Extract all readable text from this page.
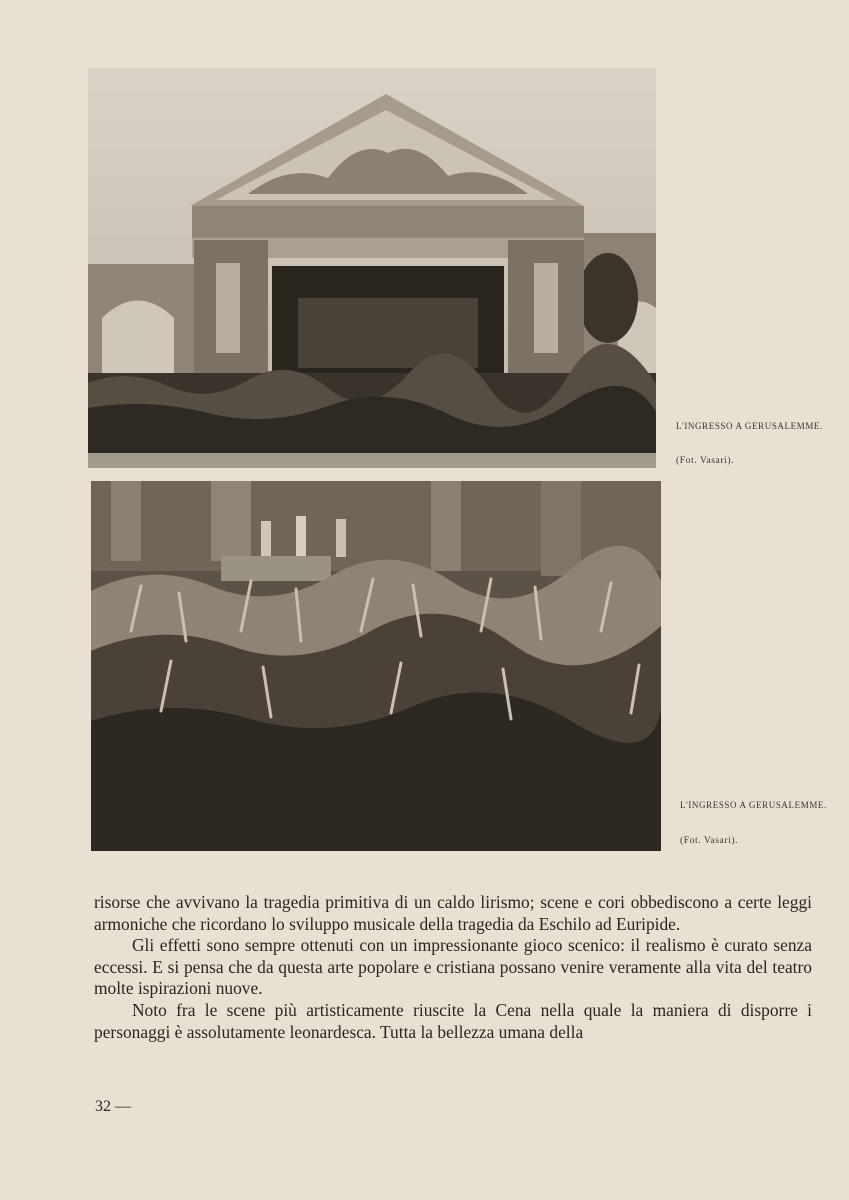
L'INGRESSO A GERUSALEMME.
(Fot. Vasari).
L'INGRESSO A GERUSALEMME.
(Fot. Vasari).

risorse che avvivano la tragedia primitiva di un caldo lirismo; scene e cori obbediscono a certe leggi armoniche che ricordano lo sviluppo musicale della tragedia da Eschilo ad Euripide.

Gli effetti sono sempre ottenuti con un impressionante gioco scenico: il realismo è curato senza eccessi. E si pensa che da questa arte popolare e cristiana possano venire veramente alla vita del teatro molte ispirazioni nuove.

Noto fra le scene più artisticamente riuscite la Cena nella quale la maniera di disporre i personaggi è assolutamente leonardesca. Tutta la bellezza umana della

32 —
